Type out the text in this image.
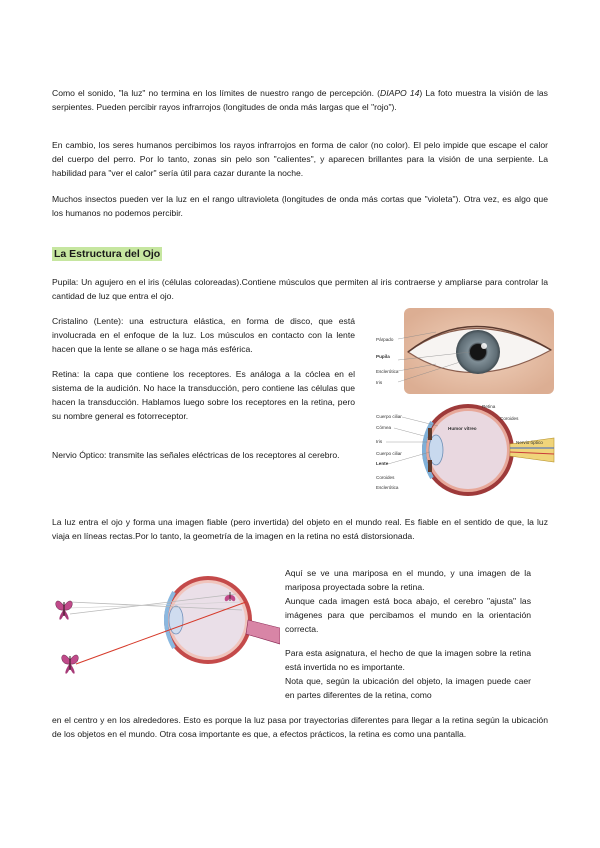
Como el sonido, "la luz" no termina en los límites de nuestro rango de percepción. (DIAPO 14) La foto muestra la visión de las serpientes. Pueden percibir rayos infrarrojos (longitudes de onda más largas que el "rojo").

En cambio, los seres humanos percibimos los rayos infrarrojos en forma de calor (no color). El pelo impide que escape el calor del cuerpo del perro. Por lo tanto, zonas sin pelo son "calientes", y aparecen brillantes para la visión de una serpiente. La habilidad para "ver el calor" sería útil para cazar durante la noche.

Muchos insectos pueden ver la luz en el rango ultravioleta (longitudes de onda más cortas que "violeta"). Otra vez, es algo que los humanos no podemos percibir.

La Estructura del Ojo

Pupila: Un agujero en el iris (células coloreadas).Contiene músculos que permiten al iris contraerse y ampliarse para controlar la cantidad de luz que entra el ojo.

Cristalino (Lente): una estructura elástica, en forma de disco, que está involucrada en el enfoque de la luz. Los músculos en contacto con la lente hacen que la lente se allane o se haga más esférica.

Retina: la capa que contiene los receptores. Es análoga a la cóclea en el sistema de la audición. No hace la transducción, pero contiene las células que hacen la transducción. Hablamos luego sobre los receptores en la retina, pero su nombre general es fotorreceptor.

Nervio Óptico: transmite las señales eléctricas de los receptores al cerebro.

Párpado
Pupila
Esclerótica
Iris
Cuerpo ciliar
Córnea
Iris
Cuerpo ciliar
Lente
Coroides
Esclerótica
Humor vítreo
Retina
Coroides
Nervio óptico

La luz entra el ojo y forma una imagen fiable (pero invertida) del objeto en el mundo real. Es fiable en el sentido de que, la luz viaja en líneas rectas.Por lo tanto, la geometría de la imagen en la retina no está distorsionada.

Aquí se ve una mariposa en el mundo, y una imagen de la mariposa proyectada sobre la retina.

Aunque cada imagen está boca abajo, el cerebro "ajusta" las imágenes para que percibamos el mundo en la orientación correcta.

Para esta asignatura, el hecho de que la imagen sobre la retina está invertida no es importante.

Nota que, según la ubicación del objeto, la imagen puede caer en partes diferentes de la retina, como

en el centro y en los alrededores. Esto es porque la luz pasa por trayectorias diferentes para llegar a la retina según la ubicación de los objetos en el mundo. Otra cosa importante es que, a efectos prácticos, la retina es como una pantalla.
